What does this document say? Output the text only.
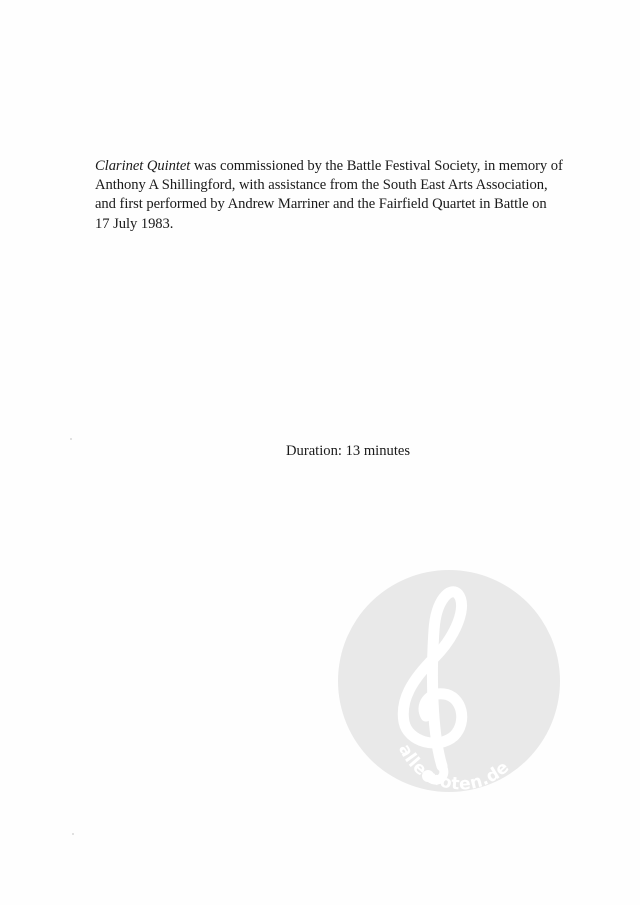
Clarinet Quintet was commissioned by the Battle Festival Society, in memory of
Anthony A Shillingford, with assistance from the South East Arts Association,
and first performed by Andrew Marriner and the Fairfield Quartet in Battle on
17 July 1983.
Duration: 13 minutes
alle-noten.de
